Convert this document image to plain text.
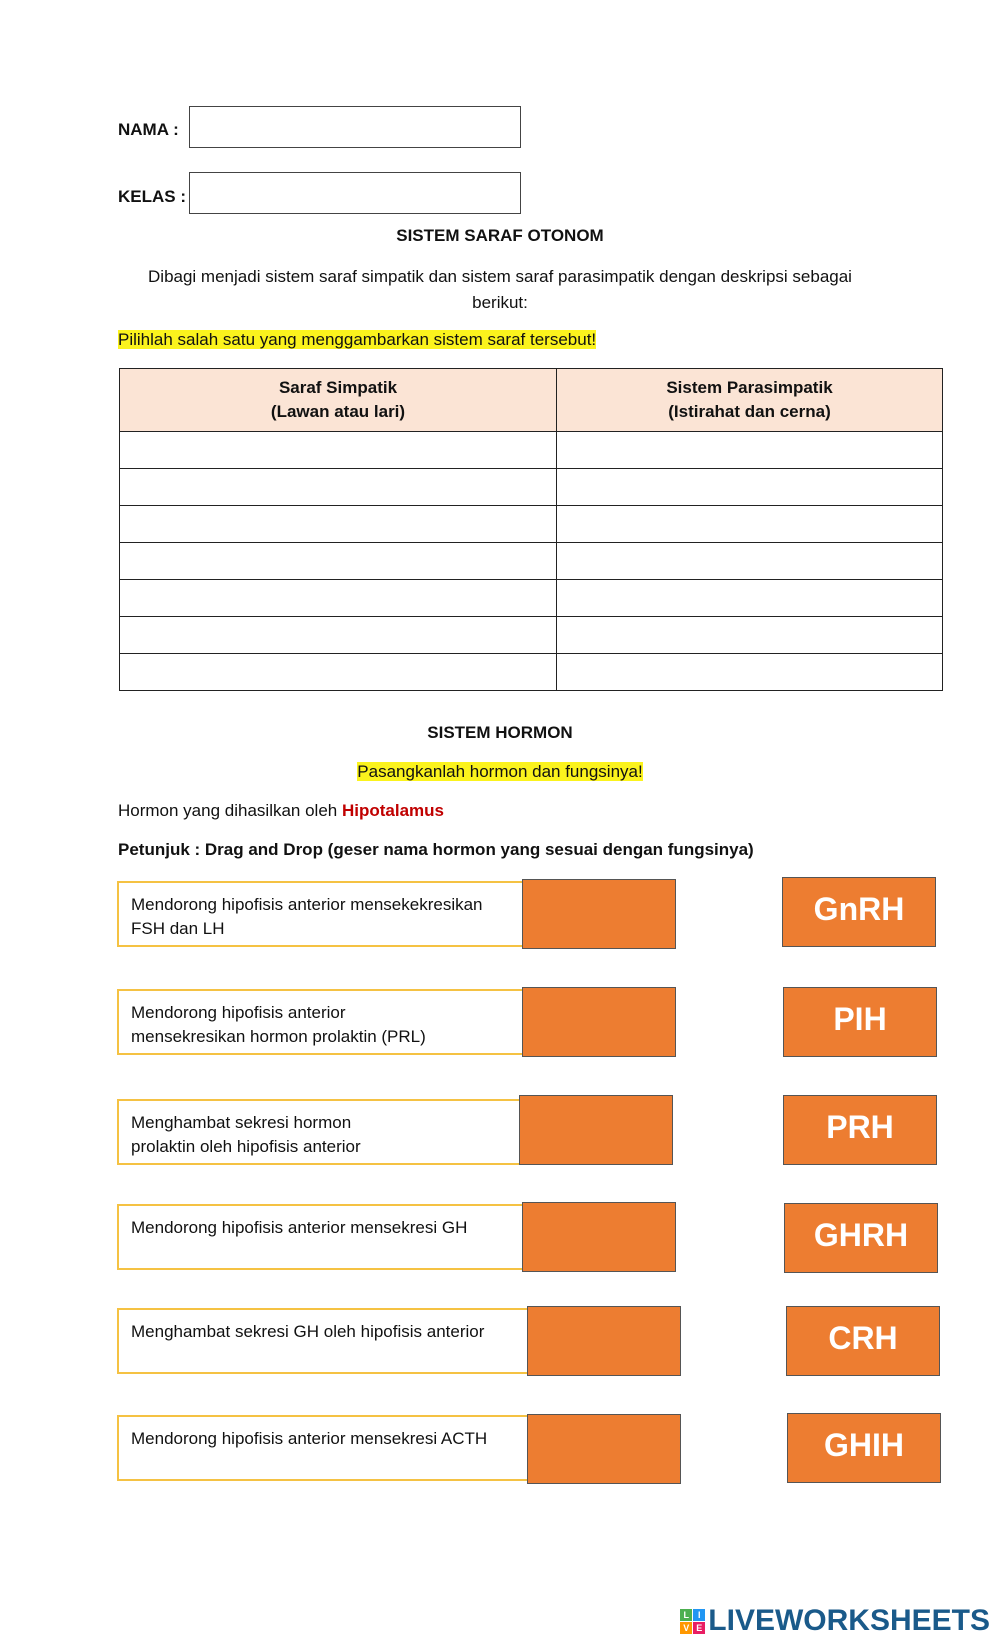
NAMA :
KELAS :
SISTEM SARAF OTONOM
Dibagi menjadi sistem saraf simpatik dan sistem saraf parasimpatik dengan deskripsi sebagai
berikut:
Pilihlah salah satu yang menggambarkan sistem saraf tersebut!
Saraf Simpatik
(Lawan atau lari)	Sistem Parasimpatik
(Istirahat dan cerna)

SISTEM HORMON
Pasangkanlah hormon dan fungsinya!
Hormon yang dihasilkan oleh Hipotalamus
Petunjuk : Drag and Drop (geser nama hormon yang sesuai dengan fungsinya)
Mendorong hipofisis anterior mensekekresikan
FSH dan LH
Mendorong hipofisis anterior
mensekresikan hormon prolaktin (PRL)
Menghambat sekresi hormon
prolaktin oleh hipofisis anterior
Mendorong hipofisis anterior mensekresi GH

Menghambat sekresi GH oleh hipofisis anterior

Mendorong hipofisis anterior mensekresi ACTH

GnRH
PIH
PRH
GHRH
CRH
GHIH
L I
V E LIVEWORKSHEETS
